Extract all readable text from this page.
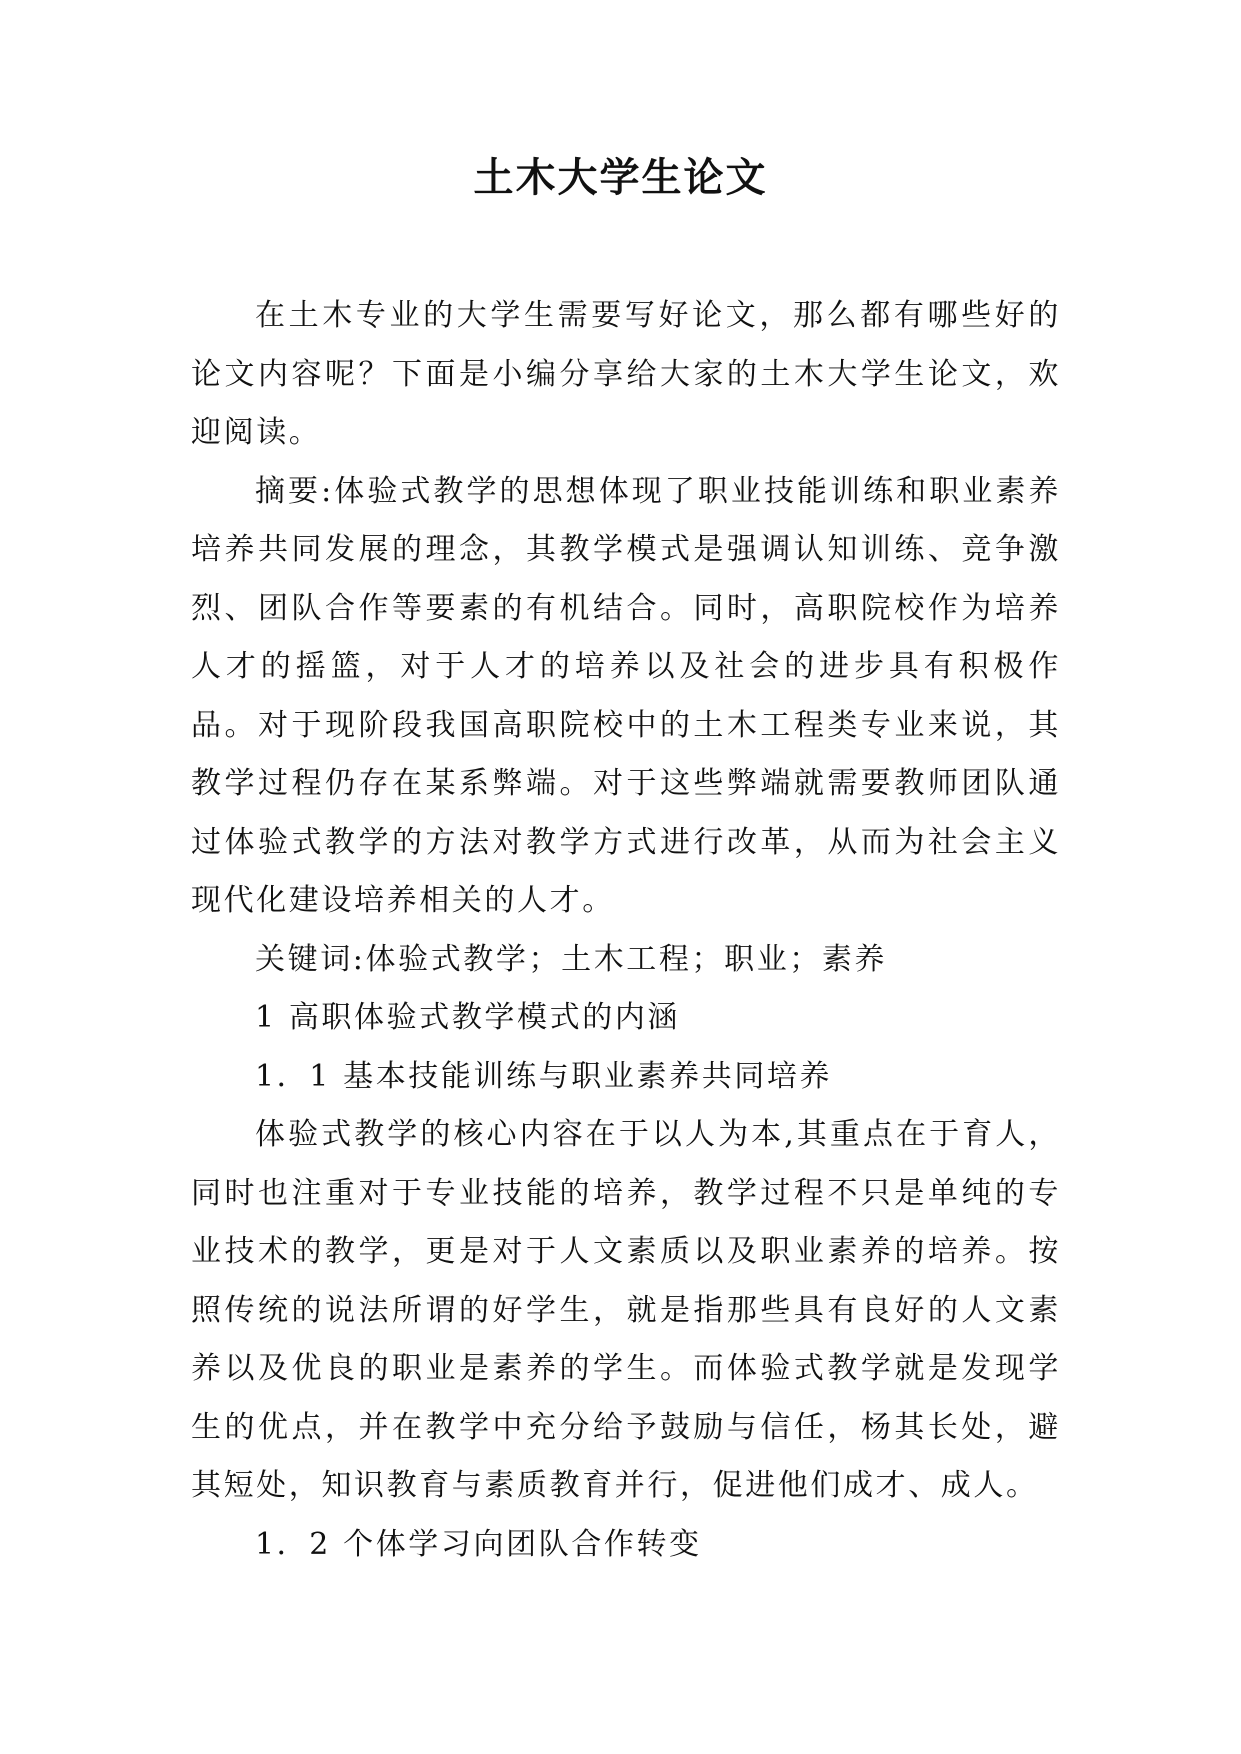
土木大学生论文

在土木专业的大学生需要写好论文，那么都有哪些好的论文内容呢？下面是小编分享给大家的土木大学生论文，欢迎阅读。

摘要:体验式教学的思想体现了职业技能训练和职业素养培养共同发展的理念，其教学模式是强调认知训练、竞争激烈、团队合作等要素的有机结合。同时，高职院校作为培养人才的摇篮，对于人才的培养以及社会的进步具有积极作品。对于现阶段我国高职院校中的土木工程类专业来说，其教学过程仍存在某系弊端。对于这些弊端就需要教师团队通过体验式教学的方法对教学方式进行改革，从而为社会主义现代化建设培养相关的人才。

关键词:体验式教学；土木工程；职业；素养

1 高职体验式教学模式的内涵

1．1 基本技能训练与职业素养共同培养

体验式教学的核心内容在于以人为本,其重点在于育人，同时也注重对于专业技能的培养，教学过程不只是单纯的专业技术的教学，更是对于人文素质以及职业素养的培养。按照传统的说法所谓的好学生，就是指那些具有良好的人文素养以及优良的职业是素养的学生。而体验式教学就是发现学生的优点，并在教学中充分给予鼓励与信任，杨其长处，避其短处，知识教育与素质教育并行，促进他们成才、成人。

1．2 个体学习向团队合作转变
